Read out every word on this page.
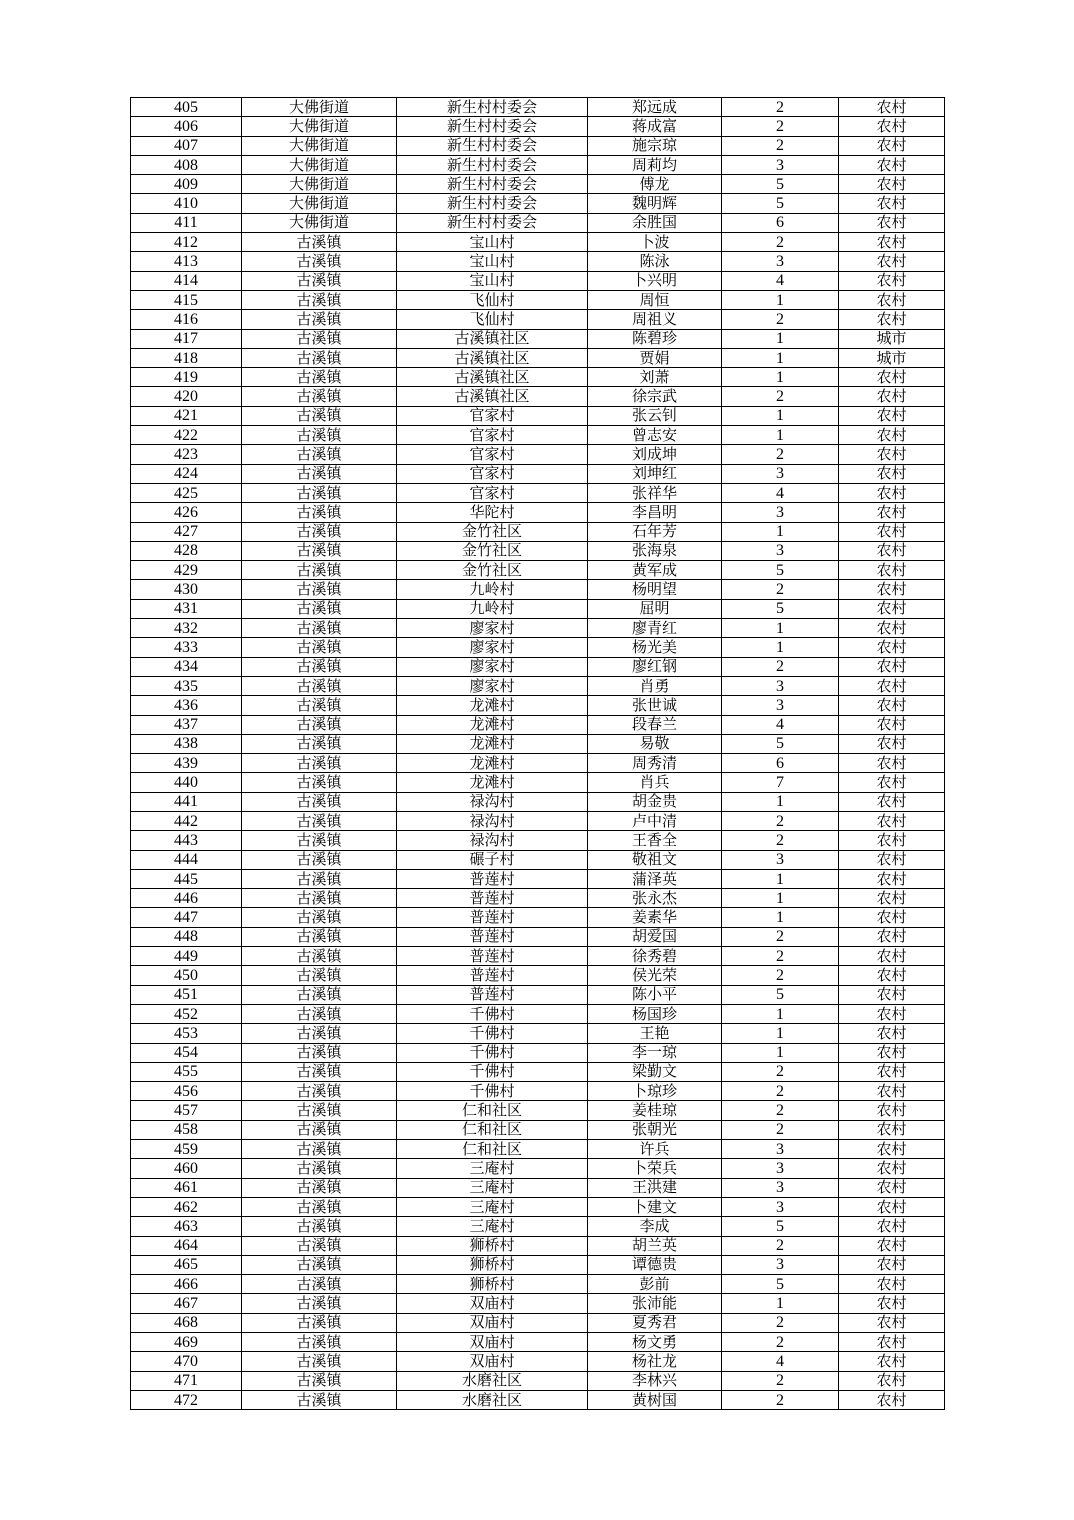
405	大佛街道	新生村村委会	郑远成	2	农村
406	大佛街道	新生村村委会	蒋成富	2	农村
407	大佛街道	新生村村委会	施宗琼	2	农村
408	大佛街道	新生村村委会	周莉均	3	农村
409	大佛街道	新生村村委会	傅龙	5	农村
410	大佛街道	新生村村委会	魏明辉	5	农村
411	大佛街道	新生村村委会	余胜国	6	农村
412	古溪镇	宝山村	卜波	2	农村
413	古溪镇	宝山村	陈泳	3	农村
414	古溪镇	宝山村	卜兴明	4	农村
415	古溪镇	飞仙村	周恒	1	农村
416	古溪镇	飞仙村	周祖义	2	农村
417	古溪镇	古溪镇社区	陈碧珍	1	城市
418	古溪镇	古溪镇社区	贾娟	1	城市
419	古溪镇	古溪镇社区	刘萧	1	农村
420	古溪镇	古溪镇社区	徐宗武	2	农村
421	古溪镇	官家村	张云钊	1	农村
422	古溪镇	官家村	曾志安	1	农村
423	古溪镇	官家村	刘成坤	2	农村
424	古溪镇	官家村	刘坤红	3	农村
425	古溪镇	官家村	张祥华	4	农村
426	古溪镇	华陀村	李昌明	3	农村
427	古溪镇	金竹社区	石年芳	1	农村
428	古溪镇	金竹社区	张海泉	3	农村
429	古溪镇	金竹社区	黄军成	5	农村
430	古溪镇	九岭村	杨明望	2	农村
431	古溪镇	九岭村	屈明	5	农村
432	古溪镇	廖家村	廖青红	1	农村
433	古溪镇	廖家村	杨光美	1	农村
434	古溪镇	廖家村	廖红钢	2	农村
435	古溪镇	廖家村	肖勇	3	农村
436	古溪镇	龙滩村	张世诚	3	农村
437	古溪镇	龙滩村	段春兰	4	农村
438	古溪镇	龙滩村	易敬	5	农村
439	古溪镇	龙滩村	周秀清	6	农村
440	古溪镇	龙滩村	肖兵	7	农村
441	古溪镇	禄沟村	胡金贵	1	农村
442	古溪镇	禄沟村	卢中清	2	农村
443	古溪镇	禄沟村	王香全	2	农村
444	古溪镇	碾子村	敬祖文	3	农村
445	古溪镇	普莲村	蒲泽英	1	农村
446	古溪镇	普莲村	张永杰	1	农村
447	古溪镇	普莲村	姜素华	1	农村
448	古溪镇	普莲村	胡爱国	2	农村
449	古溪镇	普莲村	徐秀碧	2	农村
450	古溪镇	普莲村	侯光荣	2	农村
451	古溪镇	普莲村	陈小平	5	农村
452	古溪镇	千佛村	杨国珍	1	农村
453	古溪镇	千佛村	王艳	1	农村
454	古溪镇	千佛村	李一琼	1	农村
455	古溪镇	千佛村	梁勤文	2	农村
456	古溪镇	千佛村	卜琼珍	2	农村
457	古溪镇	仁和社区	姜桂琼	2	农村
458	古溪镇	仁和社区	张朝光	2	农村
459	古溪镇	仁和社区	许兵	3	农村
460	古溪镇	三庵村	卜荣兵	3	农村
461	古溪镇	三庵村	王洪建	3	农村
462	古溪镇	三庵村	卜建文	3	农村
463	古溪镇	三庵村	李成	5	农村
464	古溪镇	狮桥村	胡兰英	2	农村
465	古溪镇	狮桥村	谭德贵	3	农村
466	古溪镇	狮桥村	彭前	5	农村
467	古溪镇	双庙村	张沛能	1	农村
468	古溪镇	双庙村	夏秀君	2	农村
469	古溪镇	双庙村	杨文勇	2	农村
470	古溪镇	双庙村	杨社龙	4	农村
471	古溪镇	水磨社区	李林兴	2	农村
472	古溪镇	水磨社区	黄树国	2	农村
